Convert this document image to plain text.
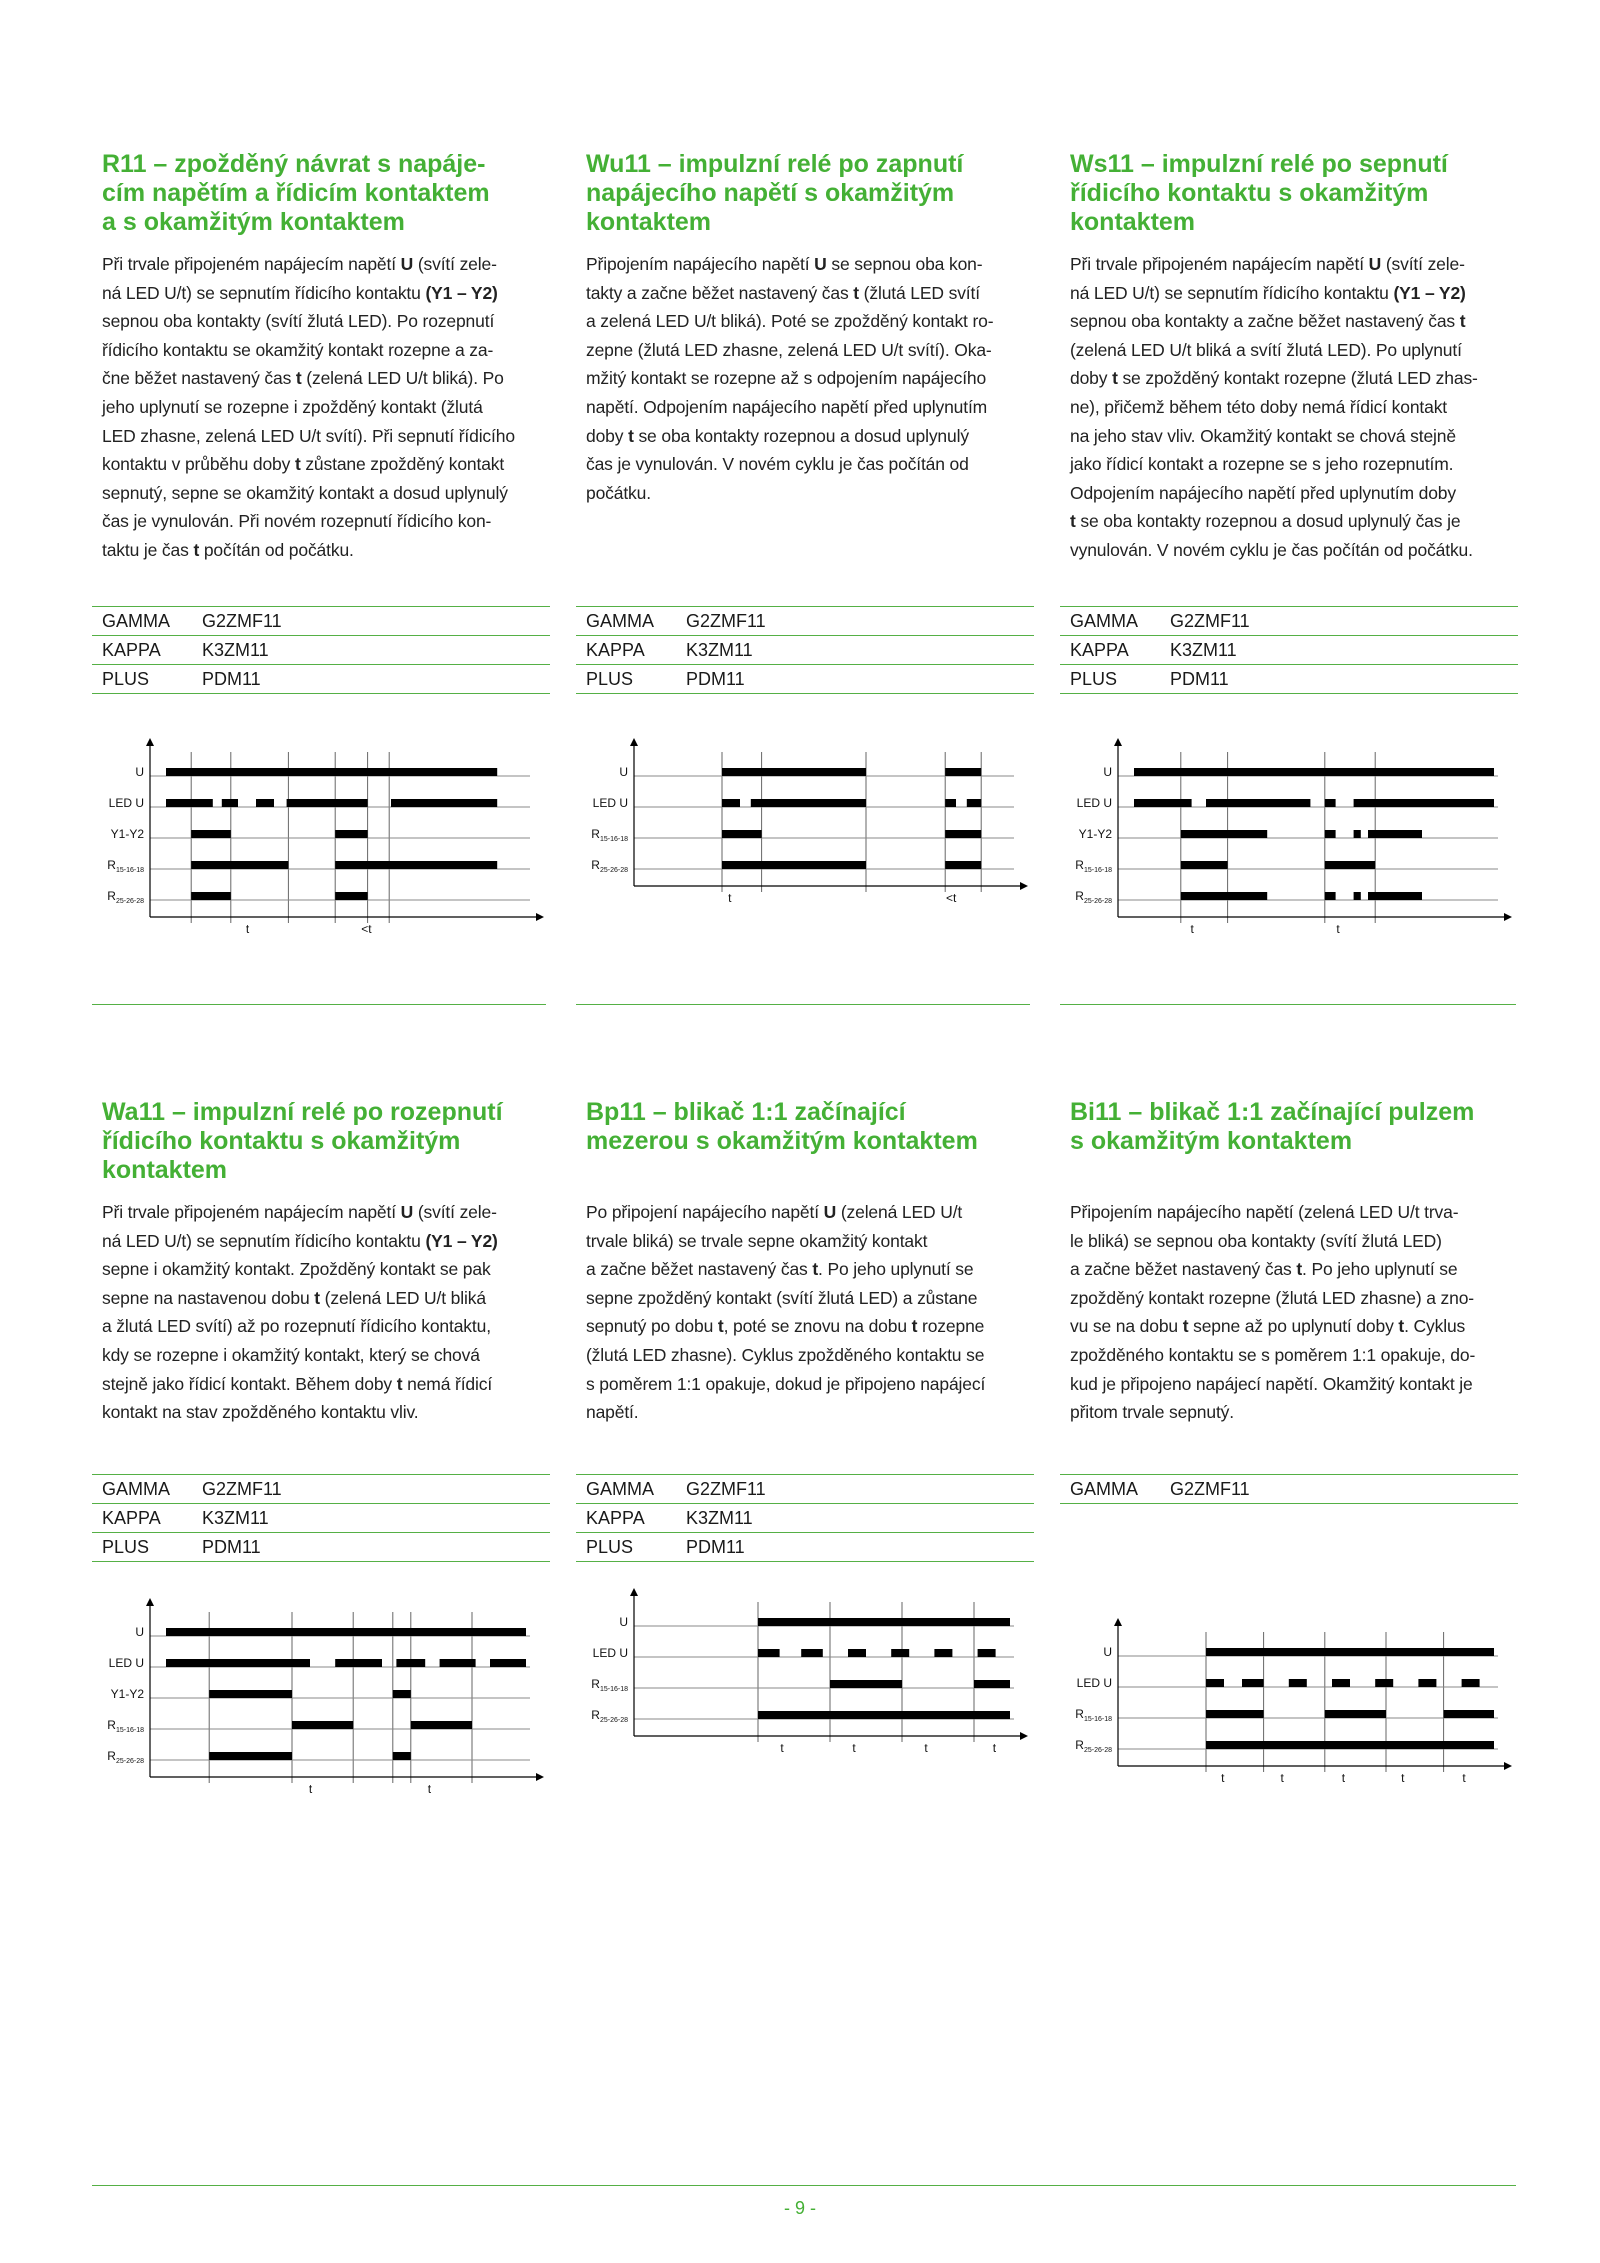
R11 – zpožděný návrat s napáje-
cím napětím a řídicím kontaktem
a s okamžitým kontaktem

Při trvale připojeném napájecím napětí U (svítí zele-
ná LED U/t) se sepnutím řídicího kontaktu (Y1 – Y2)
sepnou oba kontakty (svítí žlutá LED). Po rozepnutí
řídicího kontaktu se okamžitý kontakt rozepne a za-
čne běžet nastavený čas t (zelená LED U/t bliká). Po
jeho uplynutí se rozepne i zpožděný kontakt (žlutá
LED zhasne, zelená LED U/t svítí). Při sepnutí řídicího
kontaktu v průběhu doby t zůstane zpožděný kontakt
sepnutý, sepne se okamžitý kontakt a dosud uplynulý
čas je vynulován. Při novém rozepnutí řídicího kon-
taktu je čas t počítán od počátku.

GAMMA	G2ZMF11
KAPPA	K3ZM11
PLUS	PDM11
U
LED U
Y1-Y2
$R_{15-16-18}$
$R_{25-26-28}$
t	<t
Wu11 – impulzní relé po zapnutí
napájecího napětí s okamžitým
kontaktem

Připojením napájecího napětí U se sepnou oba kon-
takty a začne běžet nastavený čas t (žlutá LED svítí
a zelená LED U/t bliká). Poté se zpožděný kontakt ro-
zepne (žlutá LED zhasne, zelená LED U/t svítí). Oka-
mžitý kontakt se rozepne až s odpojením napájecího
napětí. Odpojením napájecího napětí před uplynutím
doby t se oba kontakty rozepnou a dosud uplynulý
čas je vynulován. V novém cyklu je čas počítán od
počátku.

GAMMA	G2ZMF11
KAPPA	K3ZM11
PLUS	PDM11
U
LED U
$R_{15-16-18}$
$R_{25-26-28}$
t	<t
Ws11 – impulzní relé po sepnutí
řídicího kontaktu s okamžitým
kontaktem

Při trvale připojeném napájecím napětí U (svítí zele-
ná LED U/t) se sepnutím řídicího kontaktu (Y1 – Y2)
sepnou oba kontakty a začne běžet nastavený čas t
(zelená LED U/t bliká a svítí žlutá LED). Po uplynutí
doby t se zpožděný kontakt rozepne (žlutá LED zhas-
ne), přičemž během této doby nemá řídicí kontakt
na jeho stav vliv. Okamžitý kontakt se chová stejně
jako řídicí kontakt a rozepne se s jeho rozepnutím.
Odpojením napájecího napětí před uplynutím doby
t se oba kontakty rozepnou a dosud uplynulý čas je
vynulován. V novém cyklu je čas počítán od počátku.

GAMMA	G2ZMF11
KAPPA	K3ZM11
PLUS	PDM11
U
LED U
Y1-Y2
$R_{15-16-18}$
$R_{25-26-28}$
t	t
Wa11 – impulzní relé po rozepnutí
řídicího kontaktu s okamžitým
kontaktem

Při trvale připojeném napájecím napětí U (svítí zele-
ná LED U/t) se sepnutím řídicího kontaktu (Y1 – Y2)
sepne i okamžitý kontakt. Zpožděný kontakt se pak
sepne na nastavenou dobu t (zelená LED U/t bliká
a žlutá LED svítí) až po rozepnutí řídicího kontaktu,
kdy se rozepne i okamžitý kontakt, který se chová
stejně jako řídicí kontakt. Během doby t nemá řídicí
kontakt na stav zpožděného kontaktu vliv.

GAMMA	G2ZMF11
KAPPA	K3ZM11
PLUS	PDM11
U
LED U
Y1-Y2
$R_{15-16-18}$
$R_{25-26-28}$
t	t
Bp11 – blikač 1:1 začínající
mezerou s okamžitým kontaktem

Po připojení napájecího napětí U (zelená LED U/t
trvale bliká) se trvale sepne okamžitý kontakt
a začne běžet nastavený čas t. Po jeho uplynutí se
sepne zpožděný kontakt (svítí žlutá LED) a zůstane
sepnutý po dobu t, poté se znovu na dobu t rozepne
(žlutá LED zhasne). Cyklus zpožděného kontaktu se
s poměrem 1:1 opakuje, dokud je připojeno napájecí
napětí.

GAMMA	G2ZMF11
KAPPA	K3ZM11
PLUS	PDM11
U
LED U
$R_{15-16-18}$
$R_{25-26-28}$
t	t	t	t
Bi11 – blikač 1:1 začínající pulzem
s okamžitým kontaktem

Připojením napájecího napětí (zelená LED U/t trva-
le bliká) se sepnou oba kontakty (svítí žlutá LED)
a začne běžet nastavený čas t. Po jeho uplynutí se
zpožděný kontakt rozepne (žlutá LED zhasne) a zno-
vu se na dobu t sepne až po uplynutí doby t. Cyklus
zpožděného kontaktu se s poměrem 1:1 opakuje, do-
kud je připojeno napájecí napětí. Okamžitý kontakt je
přitom trvale sepnutý.

GAMMA	G2ZMF11
U
LED U
$R_{15-16-18}$
$R_{25-26-28}$
t	t	t	t	t
- 9 -
